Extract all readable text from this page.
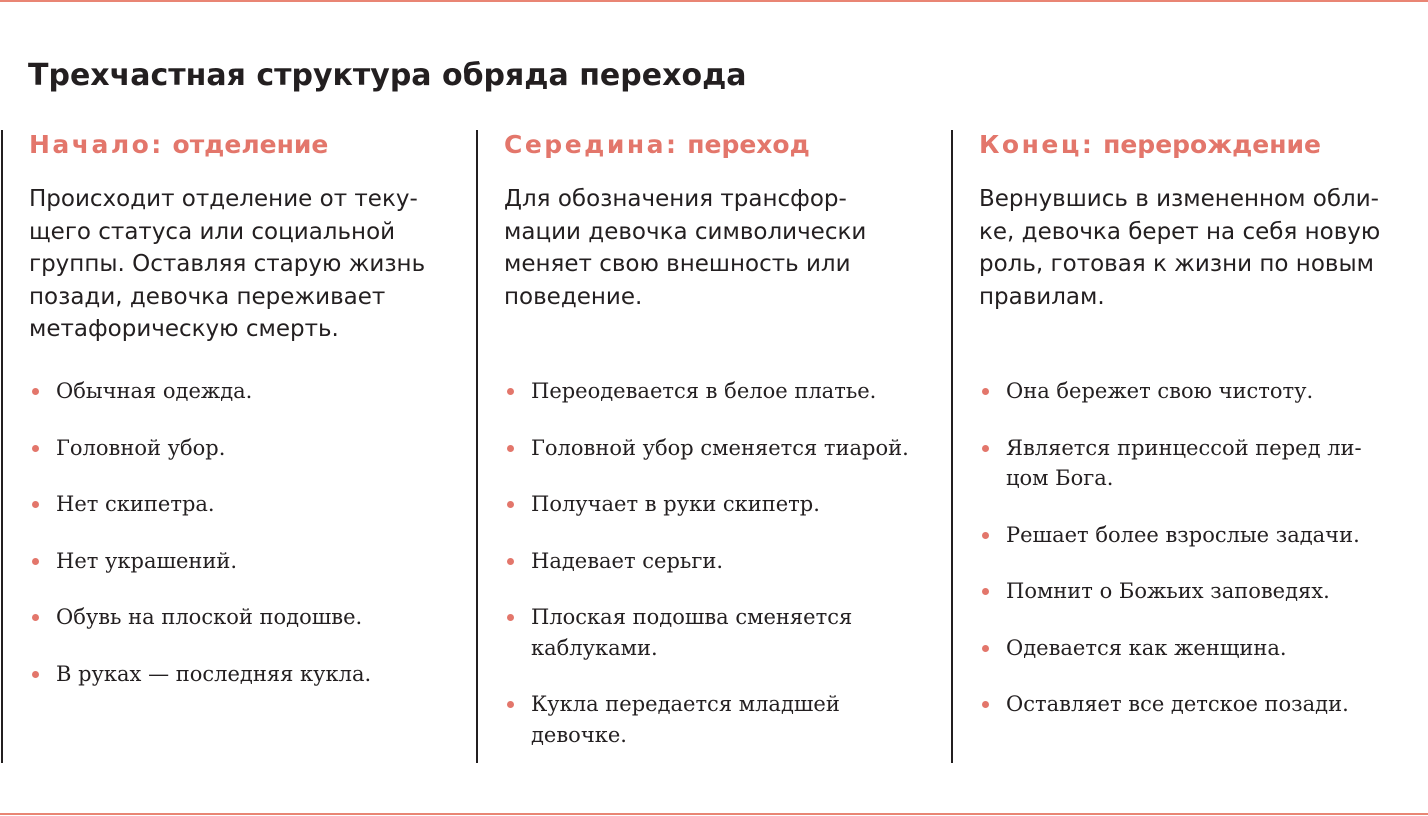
Трехчастная структура обряда перехода
Начало: отделение

Происходит отделение от теку-
щего статуса или социальной
группы. Оставляя старую жизнь
позади, девочка переживает
метафорическую смерть.

Обычная одежда.
Головной убор.
Нет скипетра.
Нет украшений.
Обувь на плоской подошве.
В руках — последняя кукла.
Середина: переход

Для обозначения трансфор-
мации девочка символически
меняет свою внешность или
поведение.

Переодевается в белое платье.
Головной убор сменяется тиарой.
Получает в руки скипетр.
Надевает серьги.
Плоская подошва сменяется
каблуками.
Кукла передается младшей
девочке.
Конец: перерождение

Вернувшись в измененном обли-
ке, девочка берет на себя новую
роль, готовая к жизни по новым
правилам.

Она бережет свою чистоту.
Является принцессой перед ли-
цом Бога.
Решает более взрослые задачи.
Помнит о Божьих заповедях.
Одевается как женщина.
Оставляет все детское позади.
